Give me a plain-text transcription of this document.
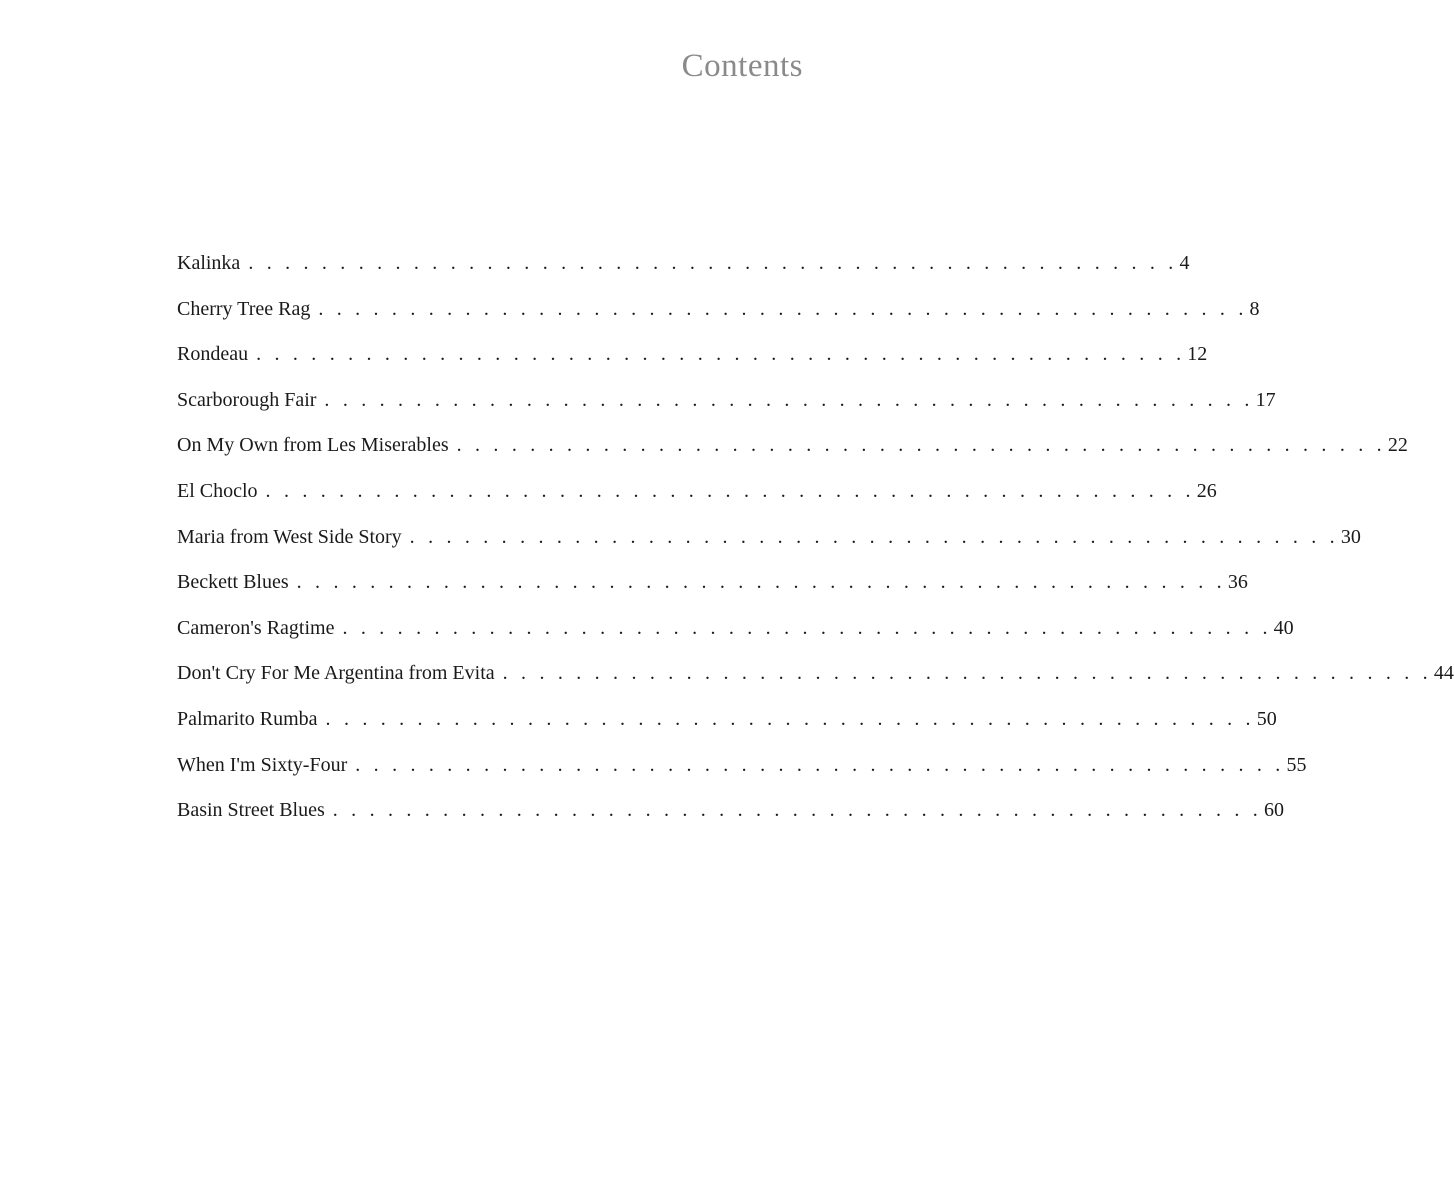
Contents
Kalinka . . . . . . . . . . . . . . . . . . . . . . . . . . . . . . . . . . . . . . . . . . . . . . . . . . . 4
Cherry Tree Rag . . . . . . . . . . . . . . . . . . . . . . . . . . . . . . . . . . . . . . . . . . . . . . . . . . . 8
Rondeau . . . . . . . . . . . . . . . . . . . . . . . . . . . . . . . . . . . . . . . . . . . . . . . . . . . 12
Scarborough Fair . . . . . . . . . . . . . . . . . . . . . . . . . . . . . . . . . . . . . . . . . . . . . . . . . . . 17
On My Own from Les Miserables . . . . . . . . . . . . . . . . . . . . . . . . . . . . . . . . . . . . . . . . . . . . . . . . . . . 22
El Choclo . . . . . . . . . . . . . . . . . . . . . . . . . . . . . . . . . . . . . . . . . . . . . . . . . . . 26
Maria from West Side Story . . . . . . . . . . . . . . . . . . . . . . . . . . . . . . . . . . . . . . . . . . . . . . . . . . . 30
Beckett Blues . . . . . . . . . . . . . . . . . . . . . . . . . . . . . . . . . . . . . . . . . . . . . . . . . . . 36
Cameron's Ragtime . . . . . . . . . . . . . . . . . . . . . . . . . . . . . . . . . . . . . . . . . . . . . . . . . . . 40
Don't Cry For Me Argentina from Evita . . . . . . . . . . . . . . . . . . . . . . . . . . . . . . . . . . . . . . . . . . . . . . . . . . . 44
Palmarito Rumba . . . . . . . . . . . . . . . . . . . . . . . . . . . . . . . . . . . . . . . . . . . . . . . . . . . 50
When I'm Sixty-Four . . . . . . . . . . . . . . . . . . . . . . . . . . . . . . . . . . . . . . . . . . . . . . . . . . . 55
Basin Street Blues . . . . . . . . . . . . . . . . . . . . . . . . . . . . . . . . . . . . . . . . . . . . . . . . . . . 60
